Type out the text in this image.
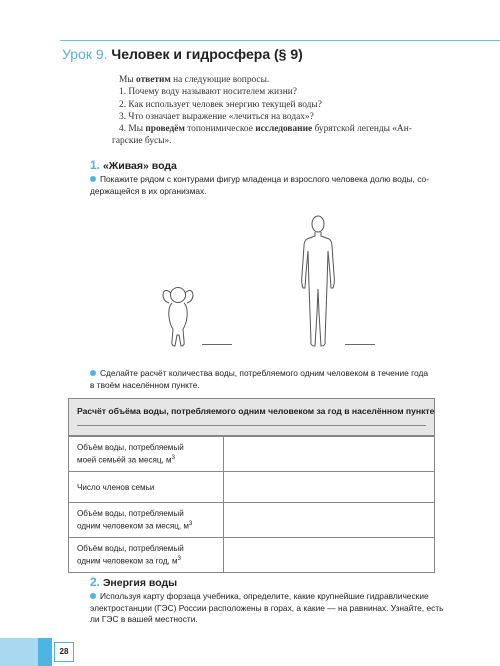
Урок 9. Человек и гидросфера (§ 9)

Мы ответим на следующие вопросы.

1. Почему воду называют носителем жизни?

2. Как использует человек энергию текущей воды?

3. Что означает выражение «лечиться на водах»?

4. Мы проведём топонимическое исследование бурятской легенды «Ан-

гарские бусы».

1. «Живая» вода
Покажите рядом с контурами фигур младенца и взрослого человека долю воды, со-
держащейся в их организмах.
Сделайте расчёт количества воды, потребляемого одним человеком в течение года
в твоём населённом пункте.
Расчёт объёма воды, потребляемого одним человеком за год в населённом пункте
Объём воды, потребляемый
моей семьёй за месяц, $м^3$
Число членов семьи
Объём воды, потребляемый
одним человеком за месяц, $м^3$
Объём воды, потребляемый
одним человеком за год, $м^3$
2. Энергия воды
Используя карту форзаца учебника, определите, какие крупнейшие гидравлические
электростанции (ГЭС) России расположены в горах, а какие — на равнинах. Узнайте, есть
ли ГЭС в вашей местности.
28
